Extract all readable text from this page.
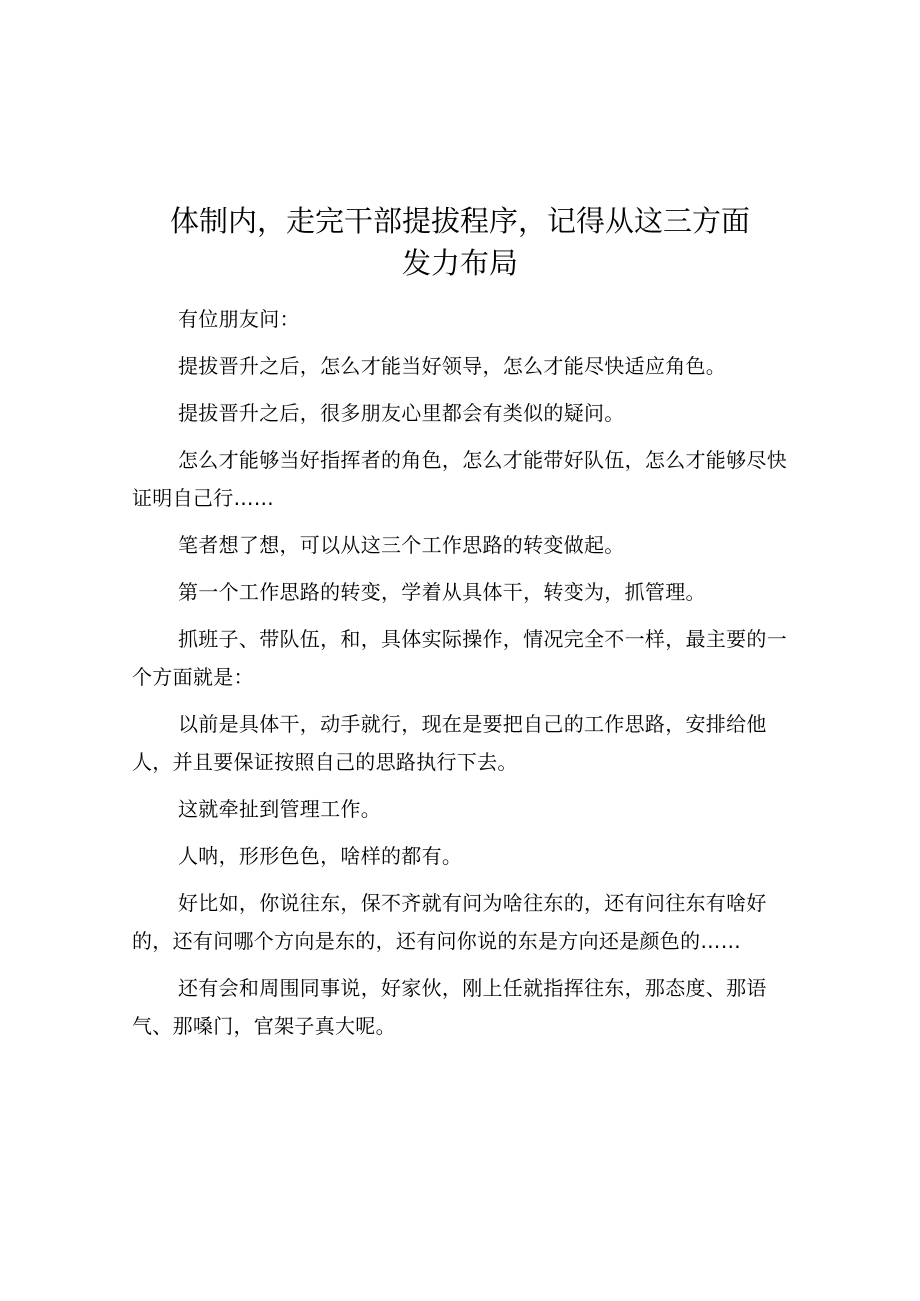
体制内，走完干部提拔程序，记得从这三方面
发力布局

有位朋友问：

提拔晋升之后，怎么才能当好领导，怎么才能尽快适应角色。

提拔晋升之后，很多朋友心里都会有类似的疑问。

怎么才能够当好指挥者的角色，怎么才能带好队伍，怎么才能够尽快证明自己行……

笔者想了想，可以从这三个工作思路的转变做起。

第一个工作思路的转变，学着从具体干，转变为，抓管理。

抓班子、带队伍，和，具体实际操作，情况完全不一样，最主要的一个方面就是：

以前是具体干，动手就行，现在是要把自己的工作思路，安排给他人，并且要保证按照自己的思路执行下去。

这就牵扯到管理工作。

人呐，形形色色，啥样的都有。

好比如，你说往东，保不齐就有问为啥往东的，还有问往东有啥好的，还有问哪个方向是东的，还有问你说的东是方向还是颜色的……

还有会和周围同事说，好家伙，刚上任就指挥往东，那态度、那语气、那嗓门，官架子真大呢。
